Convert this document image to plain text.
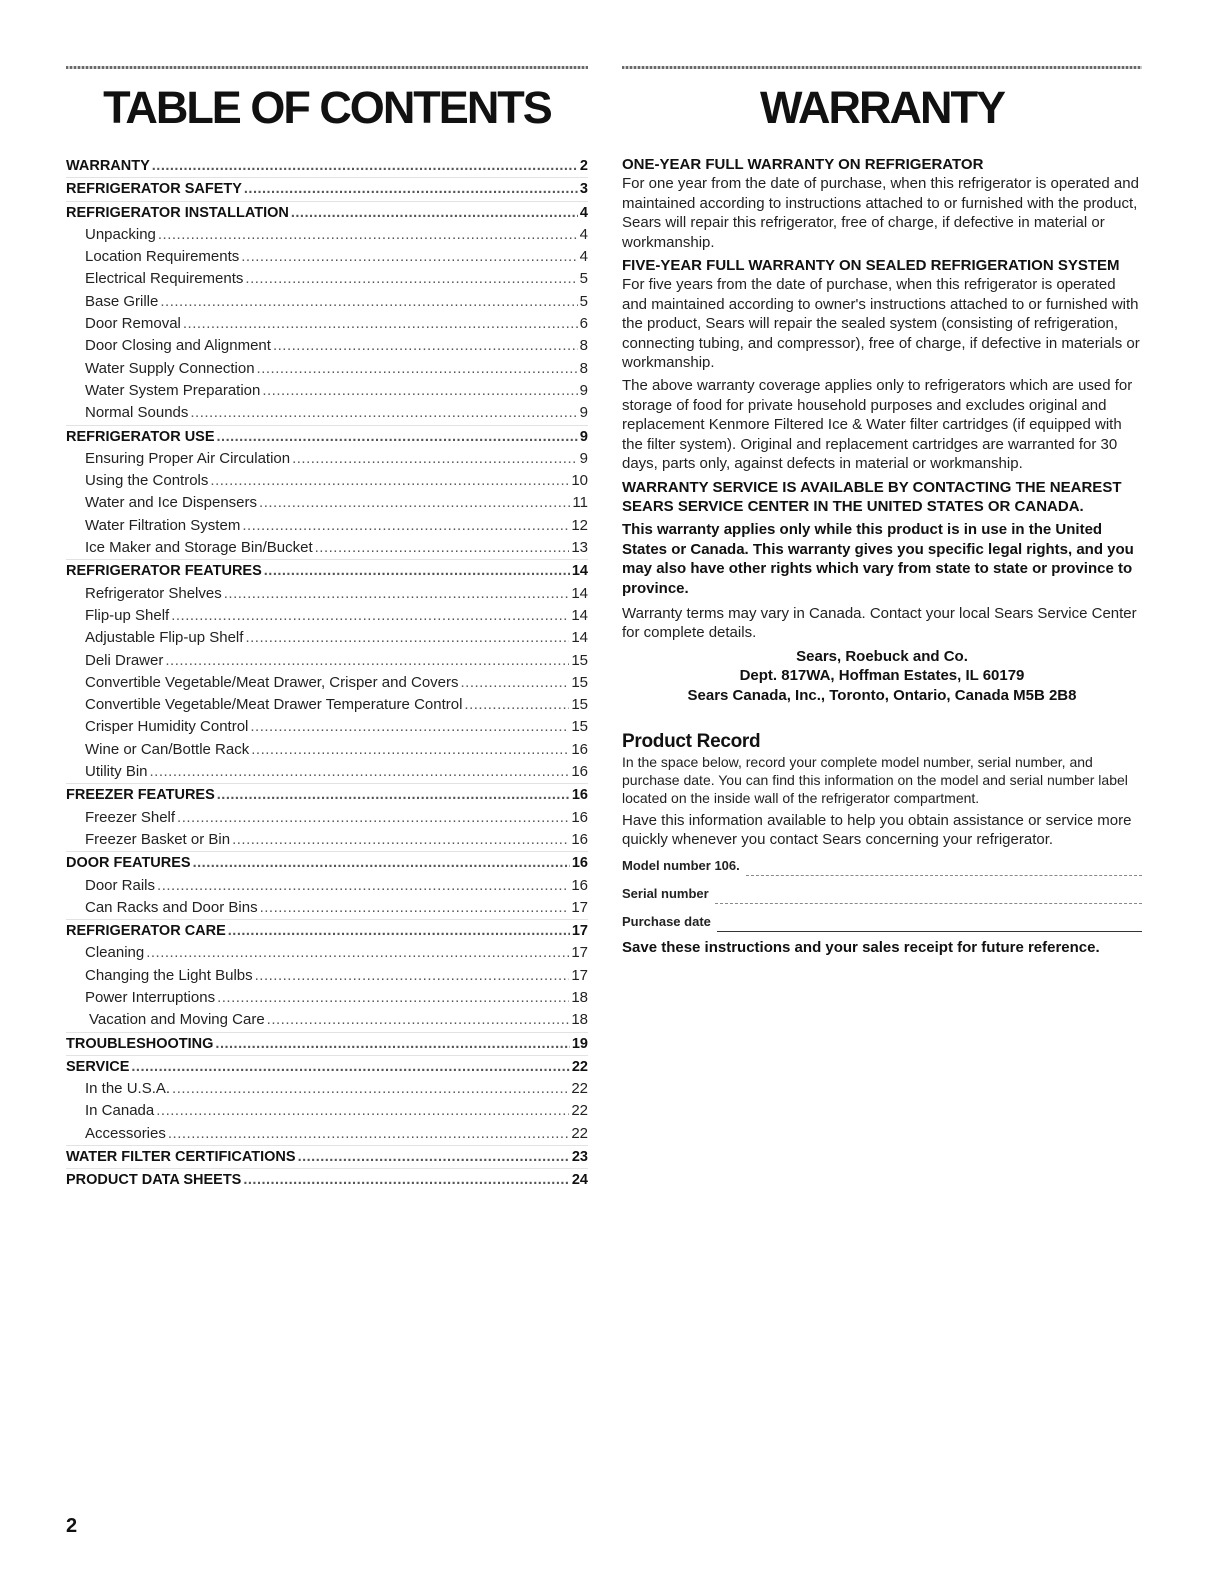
TABLE OF CONTENTS
WARRANTY .....	2
REFRIGERATOR SAFETY .....	3
REFRIGERATOR INSTALLATION .....	4
Unpacking .....	4
Location Requirements .....	4
Electrical Requirements .....	5
Base Grille .....	5
Door Removal .....	6
Door Closing and Alignment .....	8
Water Supply Connection .....	8
Water System Preparation .....	9
Normal Sounds .....	9
REFRIGERATOR USE .....	9
Ensuring Proper Air Circulation .....	9
Using the Controls .....	10
Water and Ice Dispensers .....	11
Water Filtration System .....	12
Ice Maker and Storage Bin/Bucket .....	13
REFRIGERATOR FEATURES .....	14
Refrigerator Shelves .....	14
Flip-up Shelf .....	14
Adjustable Flip-up Shelf .....	14
Deli Drawer .....	15
Convertible Vegetable/Meat Drawer, Crisper and Covers .....	15
Convertible Vegetable/Meat Drawer Temperature Control .....	15
Crisper Humidity Control .....	15
Wine or Can/Bottle Rack .....	16
Utility Bin .....	16
FREEZER FEATURES .....	16
Freezer Shelf .....	16
Freezer Basket or Bin .....	16
DOOR FEATURES .....	16
Door Rails .....	16
Can Racks and Door Bins .....	17
REFRIGERATOR CARE .....	17
Cleaning .....	17
Changing the Light Bulbs .....	17
Power Interruptions .....	18
Vacation and Moving Care .....	18
TROUBLESHOOTING .....	19
SERVICE .....	22
In the U.S.A. .....	22
In Canada .....	22
Accessories .....	22
WATER FILTER CERTIFICATIONS .....	23
PRODUCT DATA SHEETS .....	24
WARRANTY
ONE-YEAR FULL WARRANTY ON REFRIGERATOR

For one year from the date of purchase, when this refrigerator is operated and maintained according to instructions attached to or furnished with the product, Sears will repair this refrigerator, free of charge, if defective in material or workmanship.

FIVE-YEAR FULL WARRANTY ON SEALED REFRIGERATION SYSTEM

For five years from the date of purchase, when this refrigerator is operated and maintained according to owner's instructions attached to or furnished with the product, Sears will repair the sealed system (consisting of refrigeration, connecting tubing, and compressor), free of charge, if defective in materials or workmanship.

The above warranty coverage applies only to refrigerators which are used for storage of food for private household purposes and excludes original and replacement Kenmore Filtered Ice & Water filter cartridges (if equipped with the filter system). Original and replacement cartridges are warranted for 30 days, parts only, against defects in material or workmanship.

WARRANTY SERVICE IS AVAILABLE BY CONTACTING THE NEAREST SEARS SERVICE CENTER IN THE UNITED STATES OR CANADA.

This warranty applies only while this product is in use in the United States or Canada. This warranty gives you specific legal rights, and you may also have other rights which vary from state to state or province to province.

Warranty terms may vary in Canada. Contact your local Sears Service Center for complete details.

Sears, Roebuck and Co.

Dept. 817WA, Hoffman Estates, IL 60179

Sears Canada, Inc., Toronto, Ontario, Canada M5B 2B8

Product Record

In the space below, record your complete model number, serial number, and purchase date. You can find this information on the model and serial number label located on the inside wall of the refrigerator compartment.

Have this information available to help you obtain assistance or service more quickly whenever you contact Sears concerning your refrigerator.

Model number 106.
Serial number
Purchase date

Save these instructions and your sales receipt for future reference.

2
